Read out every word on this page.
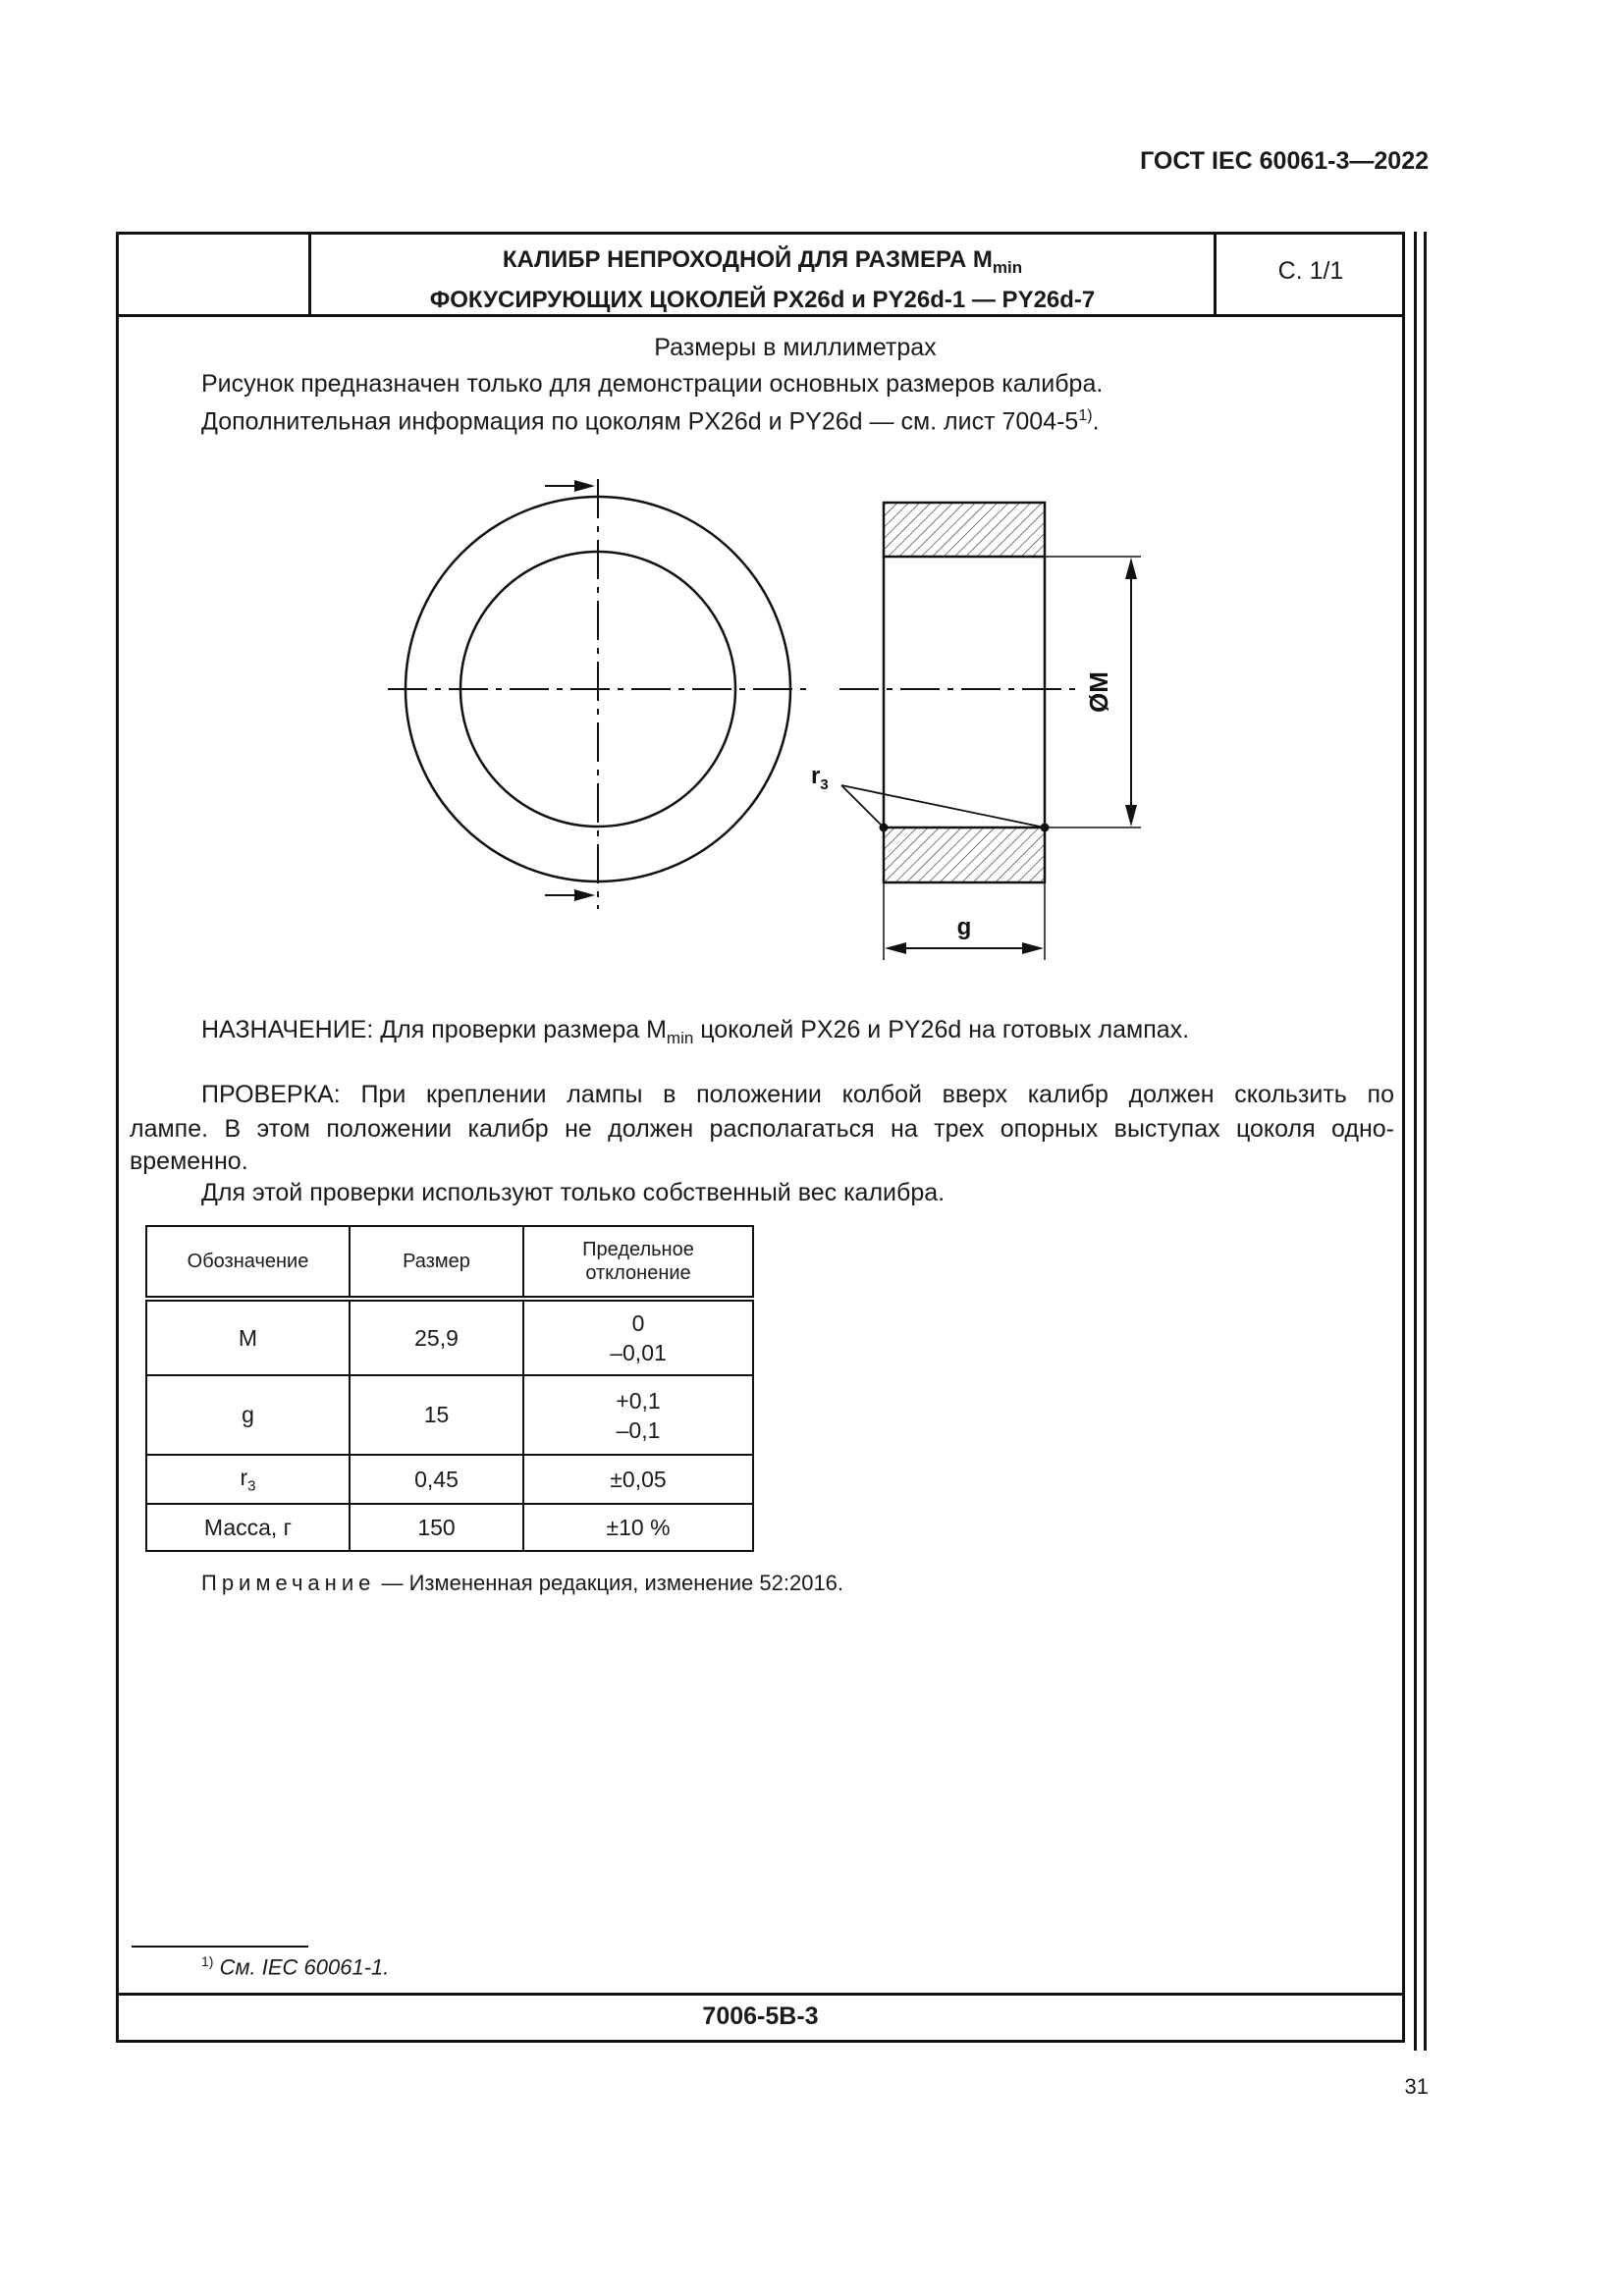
ГОСТ IEC 60061-3—2022
КАЛИБР НЕПРОХОДНОЙ ДЛЯ РАЗМЕРА $M_{min}$
ФОКУСИРУЮЩИХ ЦОКОЛЕЙ PX26d и PY26d-1 — PY26d-7
С. 1/1
Размеры в миллиметрах
Рисунок предназначен только для демонстрации основных размеров калибра.
Дополнительная информация по цоколям PX26d и PY26d — см. лист 7004-5$^{1)}$.
ØM
$r_3$
g
НАЗНАЧЕНИЕ: Для проверки размера $M_{min}$ цоколей PX26 и PY26d на готовых лампах.
ПРОВЕРКА: При креплении лампы в положении колбой вверх калибр должен скользить по
лампе. В этом положении калибр не должен располагаться на трех опорных выступах цоколя одно-
временно.
Для этой проверки используют только собственный вес калибра.
Обозначение	Размер	Предельное
отклонение

M	25,9	0
–0,01

g	15	+0,1
–0,1

$r_3$	0,45	±0,05
Масса, г	150	±10 %
Примечание — Измененная редакция, изменение 52:2016.
$^{1)}$ См. IEC 60061-1.
7006-5B-3
31
